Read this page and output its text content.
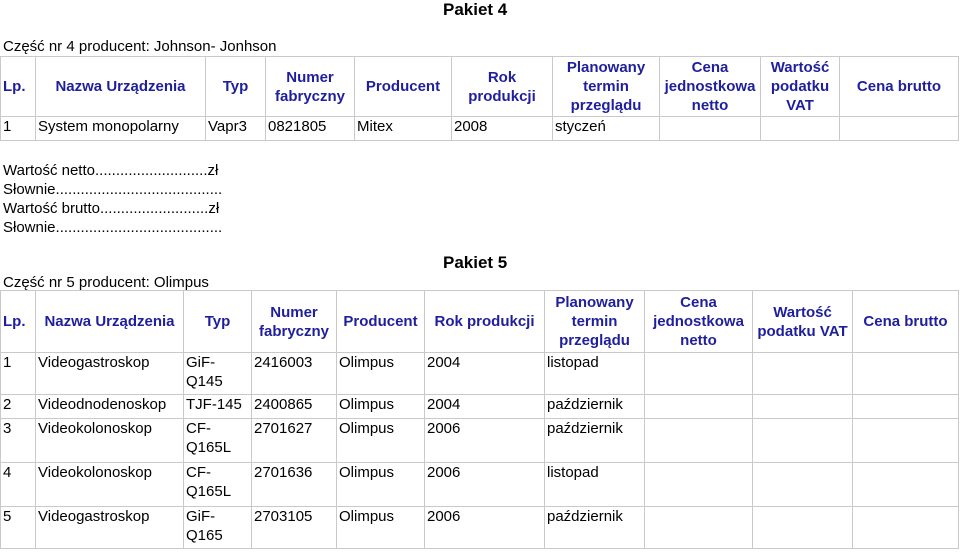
Pakiet 4
Część nr 4 producent: Johnson- Jonhson
Lp.	Nazwa Urządzenia	Typ	Numer fabryczny	Producent	Rok produkcji	Planowany termin przeglądu	Cena jednostkowa netto	Wartość podatku VAT	Cena brutto
1	System monopolarny	Vapr3	0821805	Mitex	2008	styczeń			
Wartość netto...........................zł
Słownie........................................
Wartość brutto..........................zł
Słownie........................................
Pakiet 5
Część nr 5 producent: Olimpus
Lp.	Nazwa Urządzenia	Typ	Numer fabryczny	Producent	Rok produkcji	Planowany termin przeglądu	Cena jednostkowa netto	Wartość podatku VAT	Cena brutto
1	Videogastroskop	GiF-Q145	2416003	Olimpus	2004	listopad			
2	Videodnodenoskop	TJF-145	2400865	Olimpus	2004	październik			
3	Videokolonoskop	CF-Q165L	2701627	Olimpus	2006	październik			
4	Videokolonoskop	CF-Q165L	2701636	Olimpus	2006	listopad			
5	Videogastroskop	GiF-Q165	2703105	Olimpus	2006	październik			
